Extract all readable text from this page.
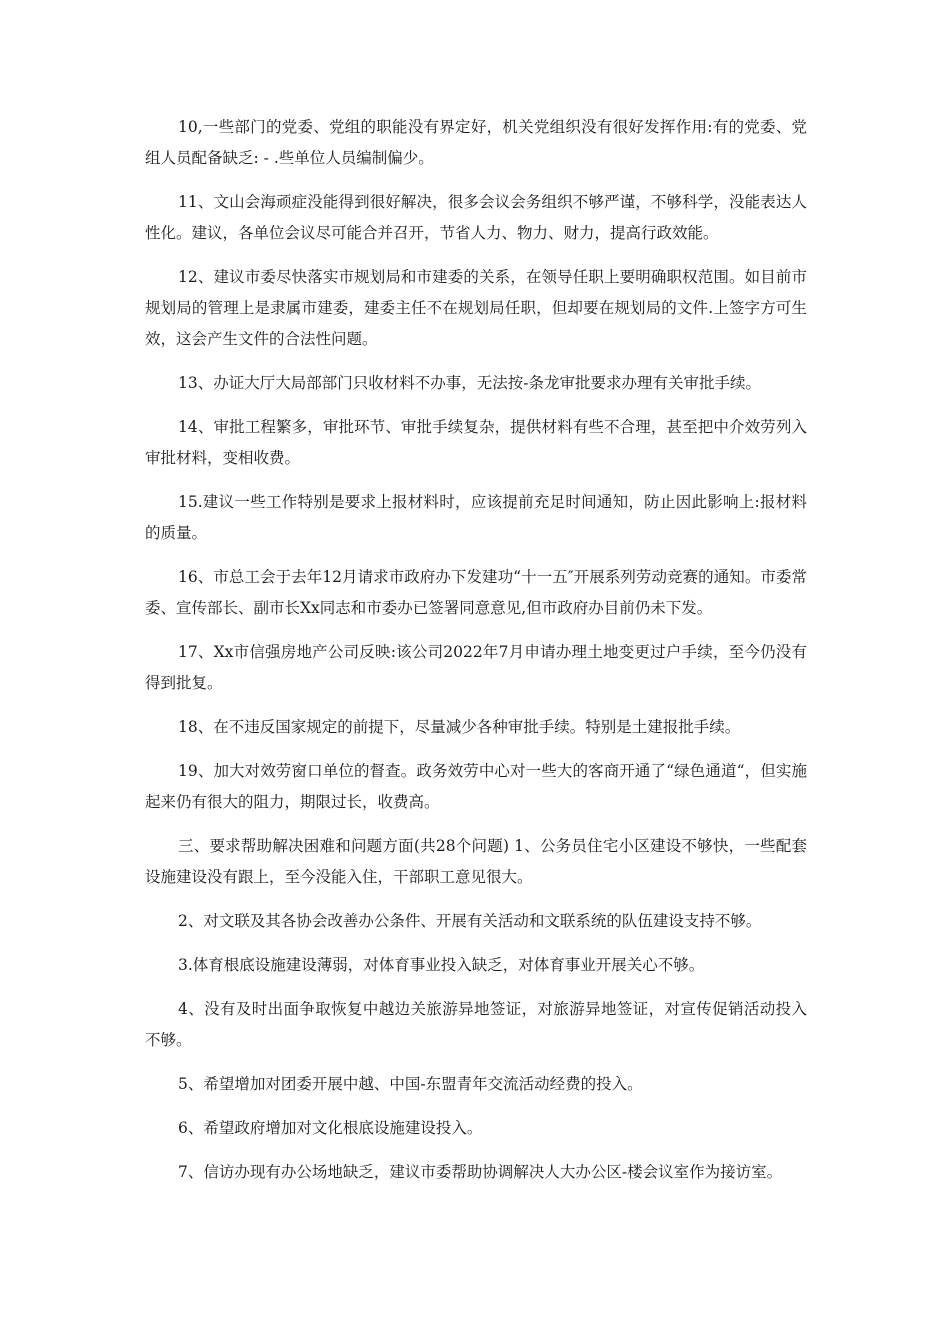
10,一些部门的党委、党组的职能没有界定好，机关党组织没有很好发挥作用:有的党委、党组人员配备缺乏: - .些单位人员编制偏少。

11、文山会海顽症没能得到很好解决，很多会议会务组织不够严谨，不够科学，没能表达人性化。建议，各单位会议尽可能合并召开，节省人力、物力、财力，提高行政效能。

12、建议市委尽快落实市规划局和市建委的关系，在领导任职上要明确职权范围。如目前市规划局的管理上是隶属市建委，建委主任不在规划局任职，但却要在规划局的文件.上签字方可生效，这会产生文件的合法性问题。

13、办证大厅大局部部门只收材料不办事，无法按-条龙审批要求办理有关审批手续。

14、审批工程繁多，审批环节、审批手续复杂，提供材料有些不合理，甚至把中介效劳列入审批材料，变相收费。

15.建议一些工作特别是要求上报材料时，应该提前充足时间通知，防止因此影响上:报材料的质量。

16、市总工会于去年12月请求市政府办下发建功“十一五″开展系列劳动竞赛的通知。市委常委、宣传部长、副市长Xx同志和市委办已签署同意意见,但市政府办目前仍未下发。

17、Xx市信强房地产公司反映:该公司2022年7月申请办理土地变更过户手续，至今仍没有得到批复。

18、在不违反国家规定的前提下，尽量减少各种审批手续。特别是土建报批手续。

19、加大对效劳窗口单位的督查。政务效劳中心对一些大的客商开通了“绿色通道“，但实施起来仍有很大的阻力，期限过长，收费高。

三、要求帮助解决困难和问题方面(共28个问题) 1、公务员住宅小区建设不够快，一些配套设施建设没有跟上，至今没能入住，干部职工意见很大。

2、对文联及其各协会改善办公条件、开展有关活动和文联系统的队伍建设支持不够。

3.体育根底设施建设薄弱，对体育事业投入缺乏，对体育事业开展关心不够。

4、没有及时出面争取恢复中越边关旅游异地签证，对旅游异地签证，对宣传促销活动投入不够。

5、希望增加对团委开展中越、中国-东盟青年交流活动经费的投入。

6、希望政府增加对文化根底设施建设投入。

7、信访办现有办公场地缺乏，建议市委帮助协调解决人大办公区-楼会议室作为接访室。
